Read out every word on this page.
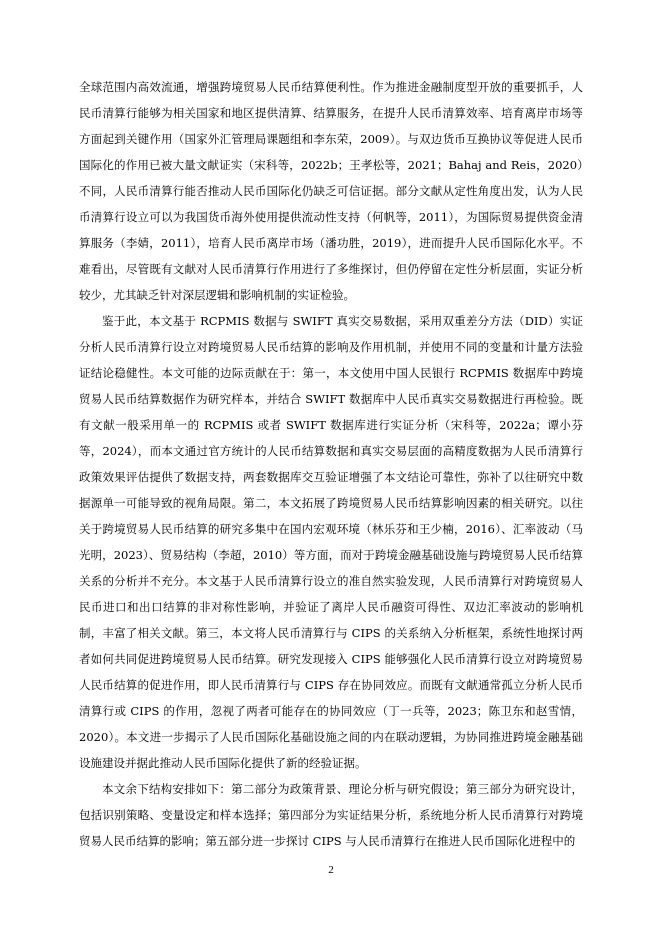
全球范围内高效流通，增强跨境贸易人民币结算便利性。作为推进金融制度型开放的重要抓手，人民币清算行能够为相关国家和地区提供清算、结算服务，在提升人民币清算效率、培育离岸市场等方面起到关键作用（国家外汇管理局课题组和李东荣，2009）。与双边货币互换协议等促进人民币国际化的作用已被大量文献证实（宋科等，2022b；王孝松等，2021；Bahaj and Reis，2020）不同，人民币清算行能否推动人民币国际化仍缺乏可信证据。部分文献从定性角度出发，认为人民币清算行设立可以为我国货币海外使用提供流动性支持（何帆等，2011），为国际贸易提供资金清算服务（李婧，2011），培育人民币离岸市场（潘功胜，2019），进而提升人民币国际化水平。不难看出，尽管既有文献对人民币清算行作用进行了多维探讨，但仍停留在定性分析层面，实证分析较少，尤其缺乏针对深层逻辑和影响机制的实证检验。

鉴于此，本文基于 RCPMIS 数据与 SWIFT 真实交易数据，采用双重差分方法（DID）实证分析人民币清算行设立对跨境贸易人民币结算的影响及作用机制，并使用不同的变量和计量方法验证结论稳健性。本文可能的边际贡献在于：第一，本文使用中国人民银行 RCPMIS 数据库中跨境贸易人民币结算数据作为研究样本，并结合 SWIFT 数据库中人民币真实交易数据进行再检验。既有文献一般采用单一的 RCPMIS 或者 SWIFT 数据库进行实证分析（宋科等，2022a；谭小芬等，2024），而本文通过官方统计的人民币结算数据和真实交易层面的高精度数据为人民币清算行政策效果评估提供了数据支持，两套数据库交互验证增强了本文结论可靠性，弥补了以往研究中数据源单一可能导致的视角局限。第二，本文拓展了跨境贸易人民币结算影响因素的相关研究。以往关于跨境贸易人民币结算的研究多集中在国内宏观环境（林乐芬和王少楠，2016）、汇率波动（马光明，2023）、贸易结构（李超，2010）等方面，而对于跨境金融基础设施与跨境贸易人民币结算关系的分析并不充分。本文基于人民币清算行设立的准自然实验发现，人民币清算行对跨境贸易人民币进口和出口结算的非对称性影响，并验证了离岸人民币融资可得性、双边汇率波动的影响机制，丰富了相关文献。第三，本文将人民币清算行与 CIPS 的关系纳入分析框架，系统性地探讨两者如何共同促进跨境贸易人民币结算。研究发现接入 CIPS 能够强化人民币清算行设立对跨境贸易人民币结算的促进作用，即人民币清算行与 CIPS 存在协同效应。而既有文献通常孤立分析人民币清算行或 CIPS 的作用，忽视了两者可能存在的协同效应（丁一兵等，2023；陈卫东和赵雪情，2020）。本文进一步揭示了人民币国际化基础设施之间的内在联动逻辑，为协同推进跨境金融基础设施建设并据此推动人民币国际化提供了新的经验证据。

本文余下结构安排如下：第二部分为政策背景、理论分析与研究假设；第三部分为研究设计，包括识别策略、变量设定和样本选择；第四部分为实证结果分析，系统地分析人民币清算行对跨境贸易人民币结算的影响；第五部分进一步探讨 CIPS 与人民币清算行在推进人民币国际化进程中的

2
